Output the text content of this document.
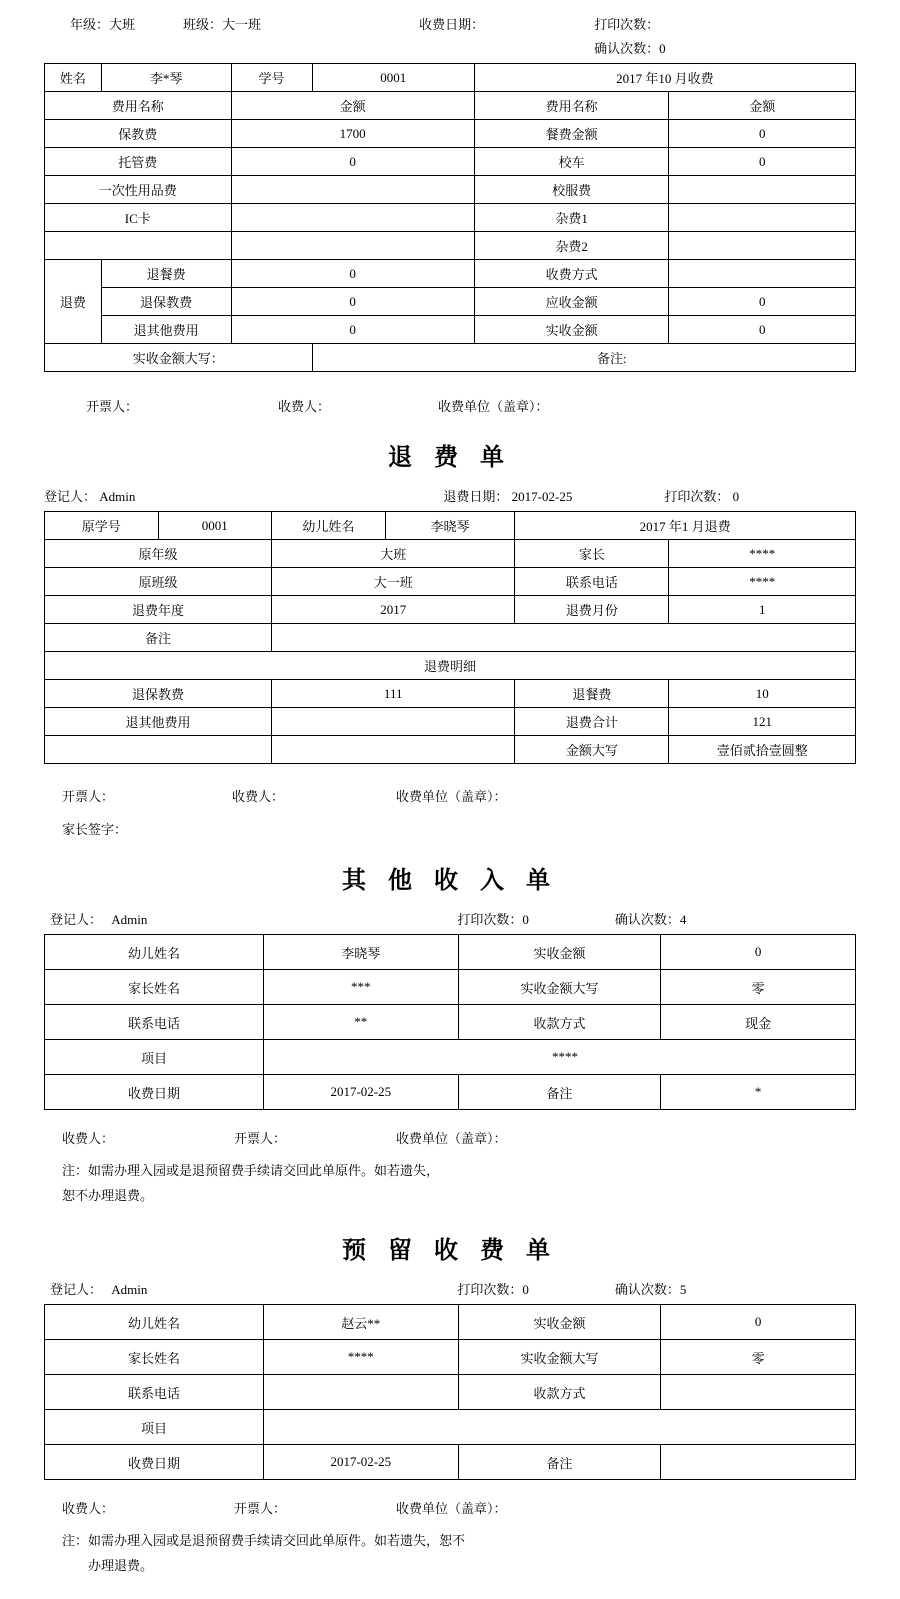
年级：大班	班级：大一班	收费日期：	打印次数：
确认次数：0
姓名	李*琴	学号	0001	2017 年10 月收费	
费用名称		金额		费用名称	金额
保教费		1700		餐费金额	0
托管费		0		校车	0
一次性用品费				校服费	
IC卡				杂费1	
				杂费2	
退费	退餐费	0		收费方式	
	退保教费	0		应收金额	0
	退其他费用	0		实收金额	0
实收金额大写：			备注:		
开票人：	收费人：	收费单位（盖章）：
退 费 单
登记人： Admin	退费日期： 2017-02-25	打印次数： 0
原学号	0001	幼儿姓名	李晓琴	2017 年1 月退费	
原年级		大班		家长	****
原班级		大一班		联系电话	****
退费年度		2017		退费月份	1
备注					
退费明细					
退保教费		111		退餐费	10
退其他费用				退费合计	121
				金额大写	壹佰贰拾壹圆整
开票人：	收费人：	收费单位（盖章）：
家长签字：
其 他 收 入 单
登记人： Admin	打印次数：0	确认次数：4
幼儿姓名	李晓琴	实收金额	0
家长姓名	***	实收金额大写	零
联系电话	**	收款方式	现金
项目	****		
收费日期	2017-02-25	备注	*
收费人：	开票人：	收费单位（盖章）：
注：如需办理入园或是退预留费手续请交回此单原件。如若遗失，
恕不办理退费。
预 留 收 费 单
登记人： Admin	打印次数：0	确认次数：5
幼儿姓名	赵云**	实收金额	0
家长姓名	****	实收金额大写	零
联系电话		收款方式	
项目			
收费日期	2017-02-25	备注	
收费人：	开票人：	收费单位（盖章）：
注：如需办理入园或是退预留费手续请交回此单原件。如若遗失，恕不
办理退费。
